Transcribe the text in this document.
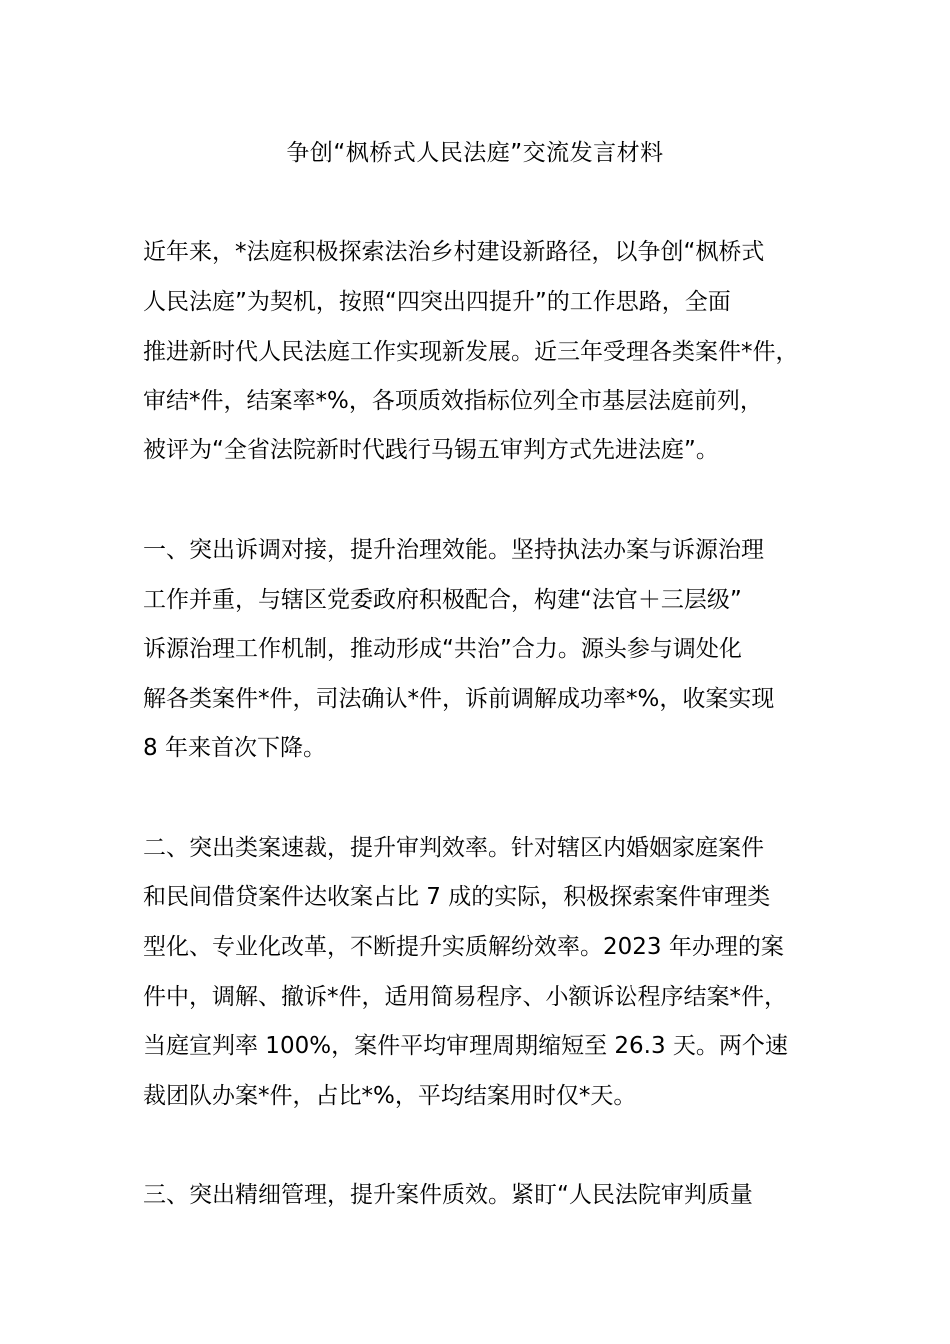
争创“枫桥式人民法庭”交流发言材料
近年来，*法庭积极探索法治乡村建设新路径，以争创“枫桥式
人民法庭”为契机，按照“四突出四提升”的工作思路，全面
推进新时代人民法庭工作实现新发展。近三年受理各类案件*件，
审结*件，结案率*%，各项质效指标位列全市基层法庭前列，
被评为“全省法院新时代践行马锡五审判方式先进法庭”。
一、突出诉调对接，提升治理效能。坚持执法办案与诉源治理
工作并重，与辖区党委政府积极配合，构建“法官＋三层级”
诉源治理工作机制，推动形成“共治”合力。源头参与调处化
解各类案件*件，司法确认*件，诉前调解成功率*%，收案实现
8 年来首次下降。
二、突出类案速裁，提升审判效率。针对辖区内婚姻家庭案件
和民间借贷案件达收案占比 7 成的实际，积极探索案件审理类
型化、专业化改革，不断提升实质解纷效率。2023 年办理的案
件中，调解、撤诉*件，适用简易程序、小额诉讼程序结案*件，
当庭宣判率 100%，案件平均审理周期缩短至 26.3 天。两个速
裁团队办案*件，占比*%，平均结案用时仅*天。
三、突出精细管理，提升案件质效。紧盯“人民法院审判质量
